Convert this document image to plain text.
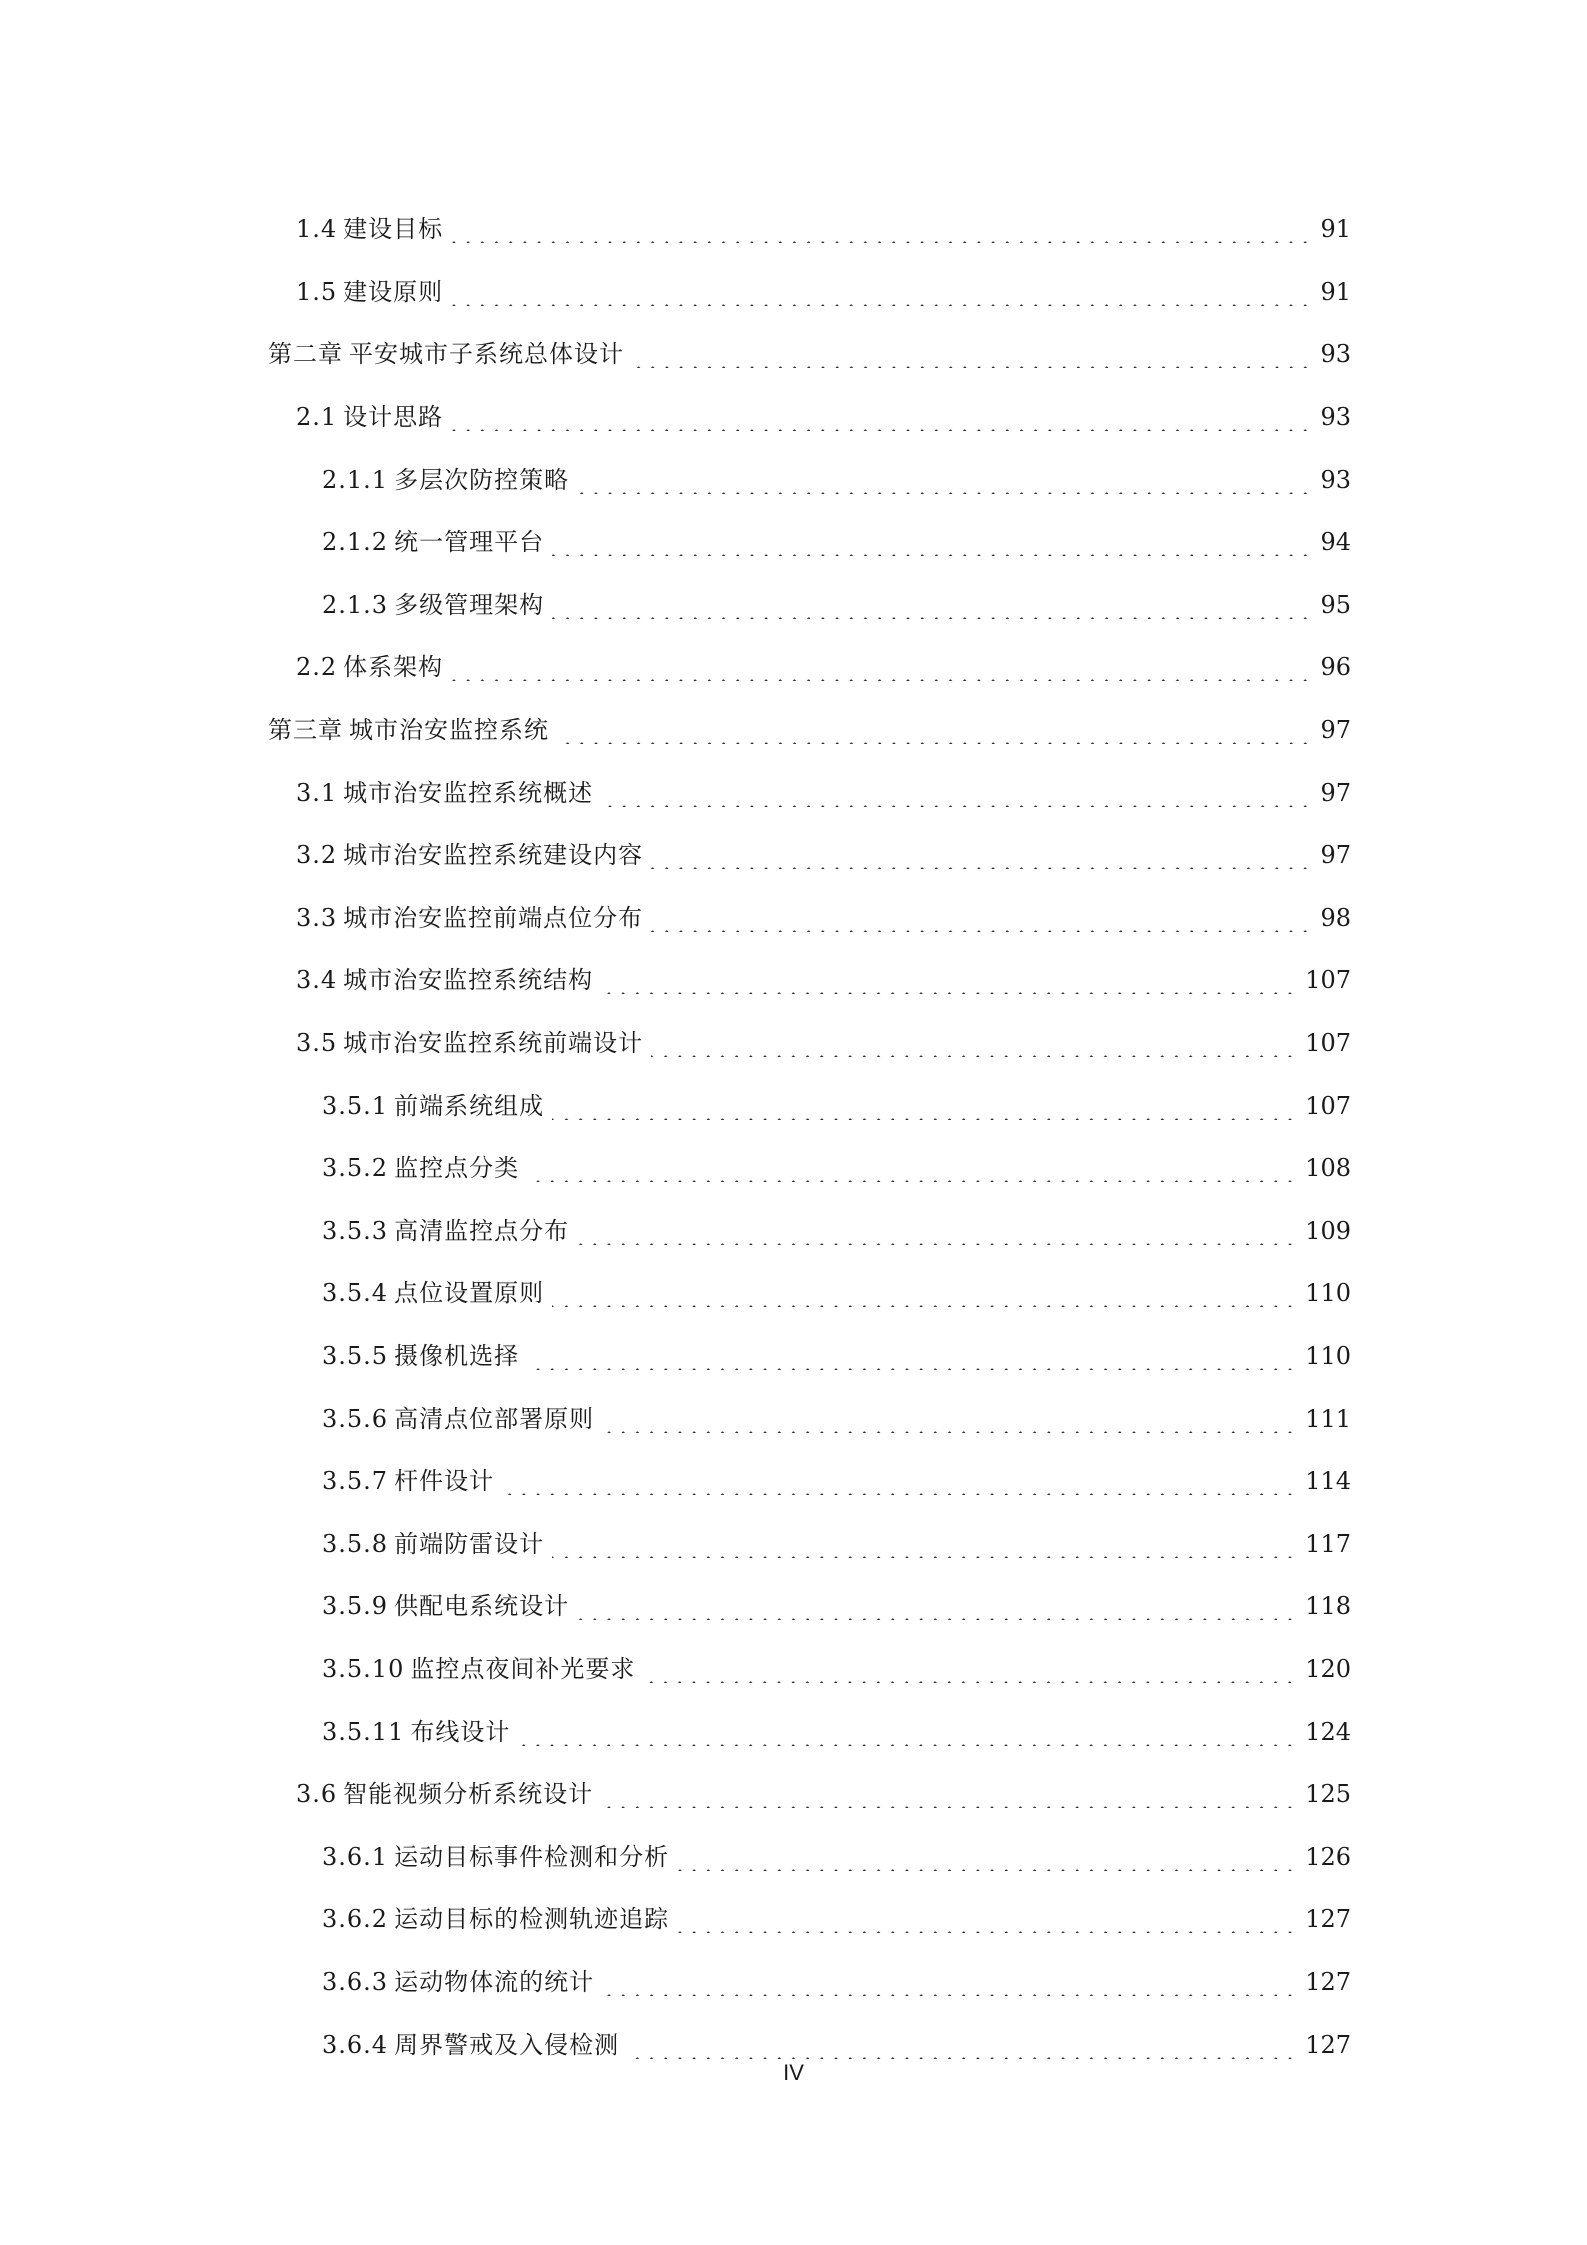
1.4 建设目标	91
1.5 建设原则	91
第二章 平安城市子系统总体设计	93
2.1 设计思路	93
2.1.1 多层次防控策略	93
2.1.2 统一管理平台	94
2.1.3 多级管理架构	95
2.2 体系架构	96
第三章 城市治安监控系统	97
3.1 城市治安监控系统概述	97
3.2 城市治安监控系统建设内容	97
3.3 城市治安监控前端点位分布	98
3.4 城市治安监控系统结构	107
3.5 城市治安监控系统前端设计	107
3.5.1 前端系统组成	107
3.5.2 监控点分类	108
3.5.3 高清监控点分布	109
3.5.4 点位设置原则	110
3.5.5 摄像机选择	110
3.5.6 高清点位部署原则	111
3.5.7 杆件设计	114
3.5.8 前端防雷设计	117
3.5.9 供配电系统设计	118
3.5.10 监控点夜间补光要求	120
3.5.11 布线设计	124
3.6 智能视频分析系统设计	125
3.6.1 运动目标事件检测和分析	126
3.6.2 运动目标的检测轨迹追踪	127
3.6.3 运动物体流的统计	127
3.6.4 周界警戒及入侵检测	127
IV
